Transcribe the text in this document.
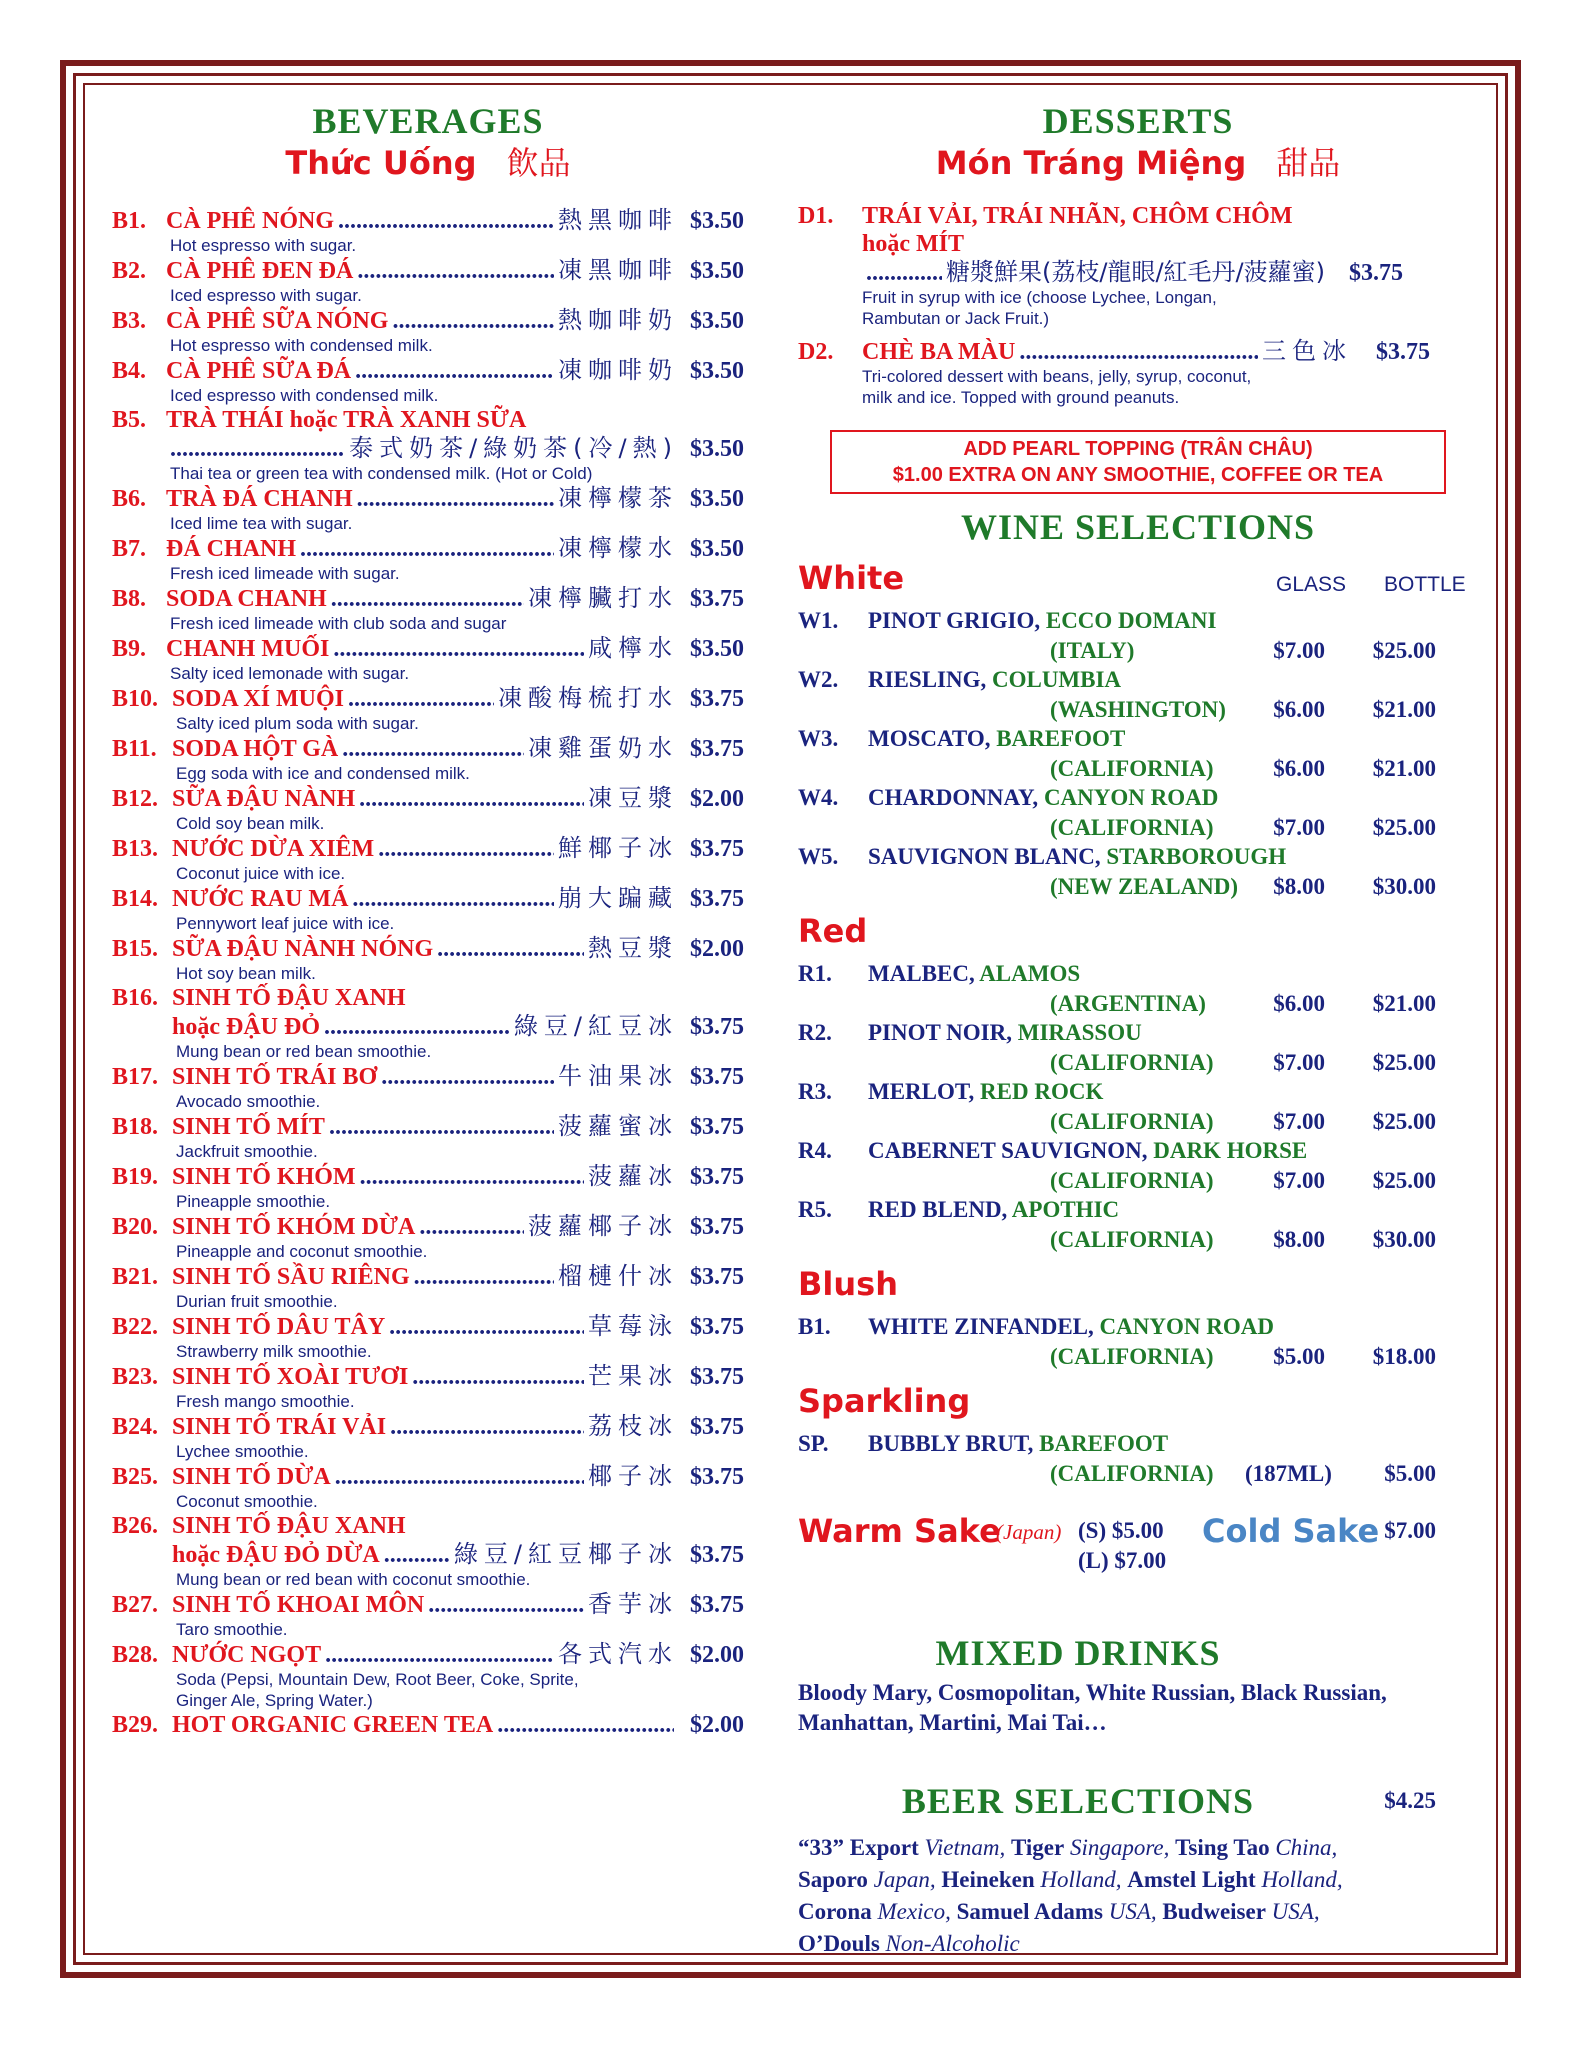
BEVERAGES
Thức Uống 飲品
B1. CÀ PHÊ NÓNG . . .	熱黑咖啡 $3.50
Hot espresso with sugar.
B2. CÀ PHÊ ĐEN ĐÁ . . .	凍黑咖啡 $3.50
Iced espresso with sugar.
B3. CÀ PHÊ SỮA NÓNG . . .	熱咖啡奶 $3.50
Hot espresso with condensed milk.
B4. CÀ PHÊ SỮA ĐÁ . . .	凍咖啡奶 $3.50
Iced espresso with condensed milk.
B5. TRÀ THÁI hoặc TRÀ XANH SỮA
. . .
泰式奶茶/綠奶茶(冷/熱) $3.50
Thai tea or green tea with condensed milk. (Hot or Cold)
B6. TRÀ ĐÁ CHANH . . .	凍檸檬茶 $3.50
Iced lime tea with sugar.
B7. ĐÁ CHANH . . .	凍檸檬水 $3.50
Fresh iced limeade with sugar.
B8. SODA CHANH . . .	凍檸臟打水 $3.75
Fresh iced limeade with club soda and sugar
B9. CHANH MUỐI . . .	咸檸水 $3.50
Salty iced lemonade with sugar.
B10. SODA XÍ MUỘI . . .	凍酸梅梳打水 $3.75
Salty iced plum soda with sugar.
B11. SODA HỘT GÀ . . .	凍雞蛋奶水 $3.75
Egg soda with ice and condensed milk.
B12. SỮA ĐẬU NÀNH . . .	凍豆漿 $2.00
Cold soy bean milk.
B13. NƯỚC DỪA XIÊM . . .	鮮椰子冰 $3.75
Coconut juice with ice.
B14. NƯỚC RAU MÁ . . .	崩大蹁藏 $3.75
Pennywort leaf juice with ice.
B15. SỮA ĐẬU NÀNH NÓNG . . .	熱豆漿 $2.00
Hot soy bean milk.
B16. SINH TỐ ĐẬU XANH
hoặc ĐẬU ĐỎ . . .	綠豆/紅豆冰 $3.75
Mung bean or red bean smoothie.
B17. SINH TỐ TRÁI BƠ . . .	牛油果冰 $3.75
Avocado smoothie.
B18. SINH TỐ MÍT . . .	菠蘿蜜冰 $3.75
Jackfruit smoothie.
B19. SINH TỐ KHÓM . . .	菠蘿冰 $3.75
Pineapple smoothie.
B20. SINH TỐ KHÓM DỪA . . .	菠蘿椰子冰 $3.75
Pineapple and coconut smoothie.
B21. SINH TỐ SẦU RIÊNG . . .	榴槤什冰 $3.75
Durian fruit smoothie.
B22. SINH TỐ DÂU TÂY . . .	草莓泳 $3.75
Strawberry milk smoothie.
B23. SINH TỐ XOÀI TƯƠI . . .	芒果冰 $3.75
Fresh mango smoothie.
B24. SINH TỐ TRÁI VẢI . . .	荔枝冰 $3.75
Lychee smoothie.
B25. SINH TỐ DỪA . . .	椰子冰 $3.75
Coconut smoothie.
B26. SINH TỐ ĐẬU XANH
hoặc ĐẬU ĐỎ DỪA . . .	綠豆/紅豆椰子冰 $3.75
Mung bean or red bean with coconut smoothie.
B27. SINH TỐ KHOAI MÔN . . .	香芋冰 $3.75
Taro smoothie.
B28. NƯỚC NGỌT . . .	各式汽水 $2.00
Soda (Pepsi, Mountain Dew, Root Beer, Coke, Sprite,
Ginger Ale, Spring Water.)
B29. HOT ORGANIC GREEN TEA . . .	$2.00
DESSERTS
Món Tráng Miệng 甜品
D1.	TRÁI VẢI, TRÁI NHÃN, CHÔM CHÔM
hoặc MÍT
. . .
糖漿鮮果(荔枝/龍眼/紅毛丹/菠蘿蜜)	$3.75
Fruit in syrup with ice (choose Lychee, Longan,
Rambutan or Jack Fruit.)
D2.	CHÈ BA MÀU . . .	三色冰	$3.75
Tri-colored dessert with beans, jelly, syrup, coconut,
milk and ice. Topped with ground peanuts.
ADD PEARL TOPPING (TRÂN CHÂU)
$1.00 EXTRA ON ANY SMOOTHIE, COFFEE OR TEA
WINE SELECTIONS
White	GLASS	BOTTLE
W1. PINOT GRIGIO, ECCO DOMANI
(ITALY)	$7.00	$25.00
W2. RIESLING, COLUMBIA
(WASHINGTON)	$6.00	$21.00
W3. MOSCATO, BAREFOOT
(CALIFORNIA)	$6.00	$21.00
W4. CHARDONNAY, CANYON ROAD
(CALIFORNIA)	$7.00	$25.00
W5. SAUVIGNON BLANC, STARBOROUGH
(NEW ZEALAND)	$8.00	$30.00
Red
R1. MALBEC, ALAMOS
(ARGENTINA)	$6.00	$21.00
R2. PINOT NOIR, MIRASSOU
(CALIFORNIA)	$7.00	$25.00
R3. MERLOT, RED ROCK
(CALIFORNIA)	$7.00	$25.00
R4. CABERNET SAUVIGNON, DARK HORSE
(CALIFORNIA)	$7.00	$25.00
R5. RED BLEND, APOTHIC
(CALIFORNIA)	$8.00	$30.00
Blush
B1. WHITE ZINFANDEL, CANYON ROAD
(CALIFORNIA)	$5.00	$18.00
Sparkling
SP. BUBBLY BRUT, BAREFOOT
(CALIFORNIA) (187ML)	$5.00
Warm Sake
(Japan) (S) $5.00
(L) $7.00
Cold Sake $7.00
MIXED DRINKS
Bloody Mary, Cosmopolitan, White Russian, Black Russian,
Manhattan, Martini, Mai Tai…
BEER SELECTIONS	$4.25
“33” Export Vietnam, Tiger Singapore, Tsing Tao China,
Saporo Japan, Heineken Holland, Amstel Light Holland,
Corona Mexico, Samuel Adams USA, Budweiser USA,
O’Douls Non-Alcoholic
